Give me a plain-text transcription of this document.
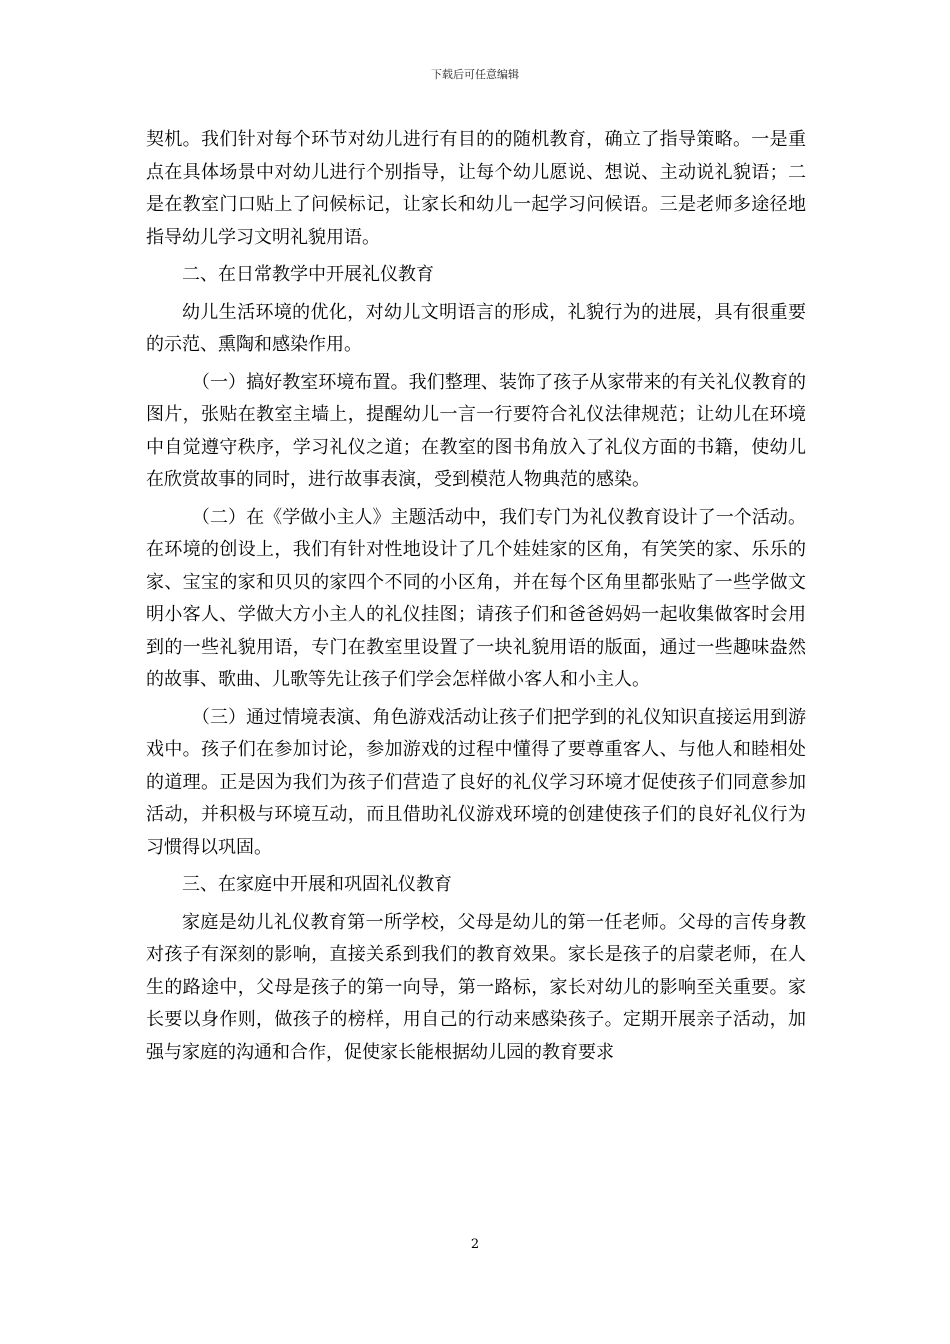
下载后可任意编辑

契机。我们针对每个环节对幼儿进行有目的的随机教育，确立了指导策略。一是重点在具体场景中对幼儿进行个别指导，让每个幼儿愿说、想说、主动说礼貌语；二是在教室门口贴上了问候标记，让家长和幼儿一起学习问候语。三是老师多途径地指导幼儿学习文明礼貌用语。

二、在日常教学中开展礼仪教育

幼儿生活环境的优化，对幼儿文明语言的形成，礼貌行为的进展，具有很重要的示范、熏陶和感染作用。

（一）搞好教室环境布置。我们整理、装饰了孩子从家带来的有关礼仪教育的图片，张贴在教室主墙上，提醒幼儿一言一行要符合礼仪法律规范；让幼儿在环境中自觉遵守秩序，学习礼仪之道；在教室的图书角放入了礼仪方面的书籍，使幼儿在欣赏故事的同时，进行故事表演，受到模范人物典范的感染。

（二）在《学做小主人》主题活动中，我们专门为礼仪教育设计了一个活动。在环境的创设上，我们有针对性地设计了几个娃娃家的区角，有笑笑的家、乐乐的家、宝宝的家和贝贝的家四个不同的小区角，并在每个区角里都张贴了一些学做文明小客人、学做大方小主人的礼仪挂图；请孩子们和爸爸妈妈一起收集做客时会用到的一些礼貌用语，专门在教室里设置了一块礼貌用语的版面，通过一些趣味盎然的故事、歌曲、儿歌等先让孩子们学会怎样做小客人和小主人。

（三）通过情境表演、角色游戏活动让孩子们把学到的礼仪知识直接运用到游戏中。孩子们在参加讨论，参加游戏的过程中懂得了要尊重客人、与他人和睦相处的道理。正是因为我们为孩子们营造了良好的礼仪学习环境才促使孩子们同意参加活动，并积极与环境互动，而且借助礼仪游戏环境的创建使孩子们的良好礼仪行为习惯得以巩固。

三、在家庭中开展和巩固礼仪教育

家庭是幼儿礼仪教育第一所学校，父母是幼儿的第一任老师。父母的言传身教对孩子有深刻的影响，直接关系到我们的教育效果。家长是孩子的启蒙老师，在人生的路途中，父母是孩子的第一向导，第一路标，家长对幼儿的影响至关重要。家长要以身作则，做孩子的榜样，用自己的行动来感染孩子。定期开展亲子活动，加强与家庭的沟通和合作，促使家长能根据幼儿园的教育要求

2
